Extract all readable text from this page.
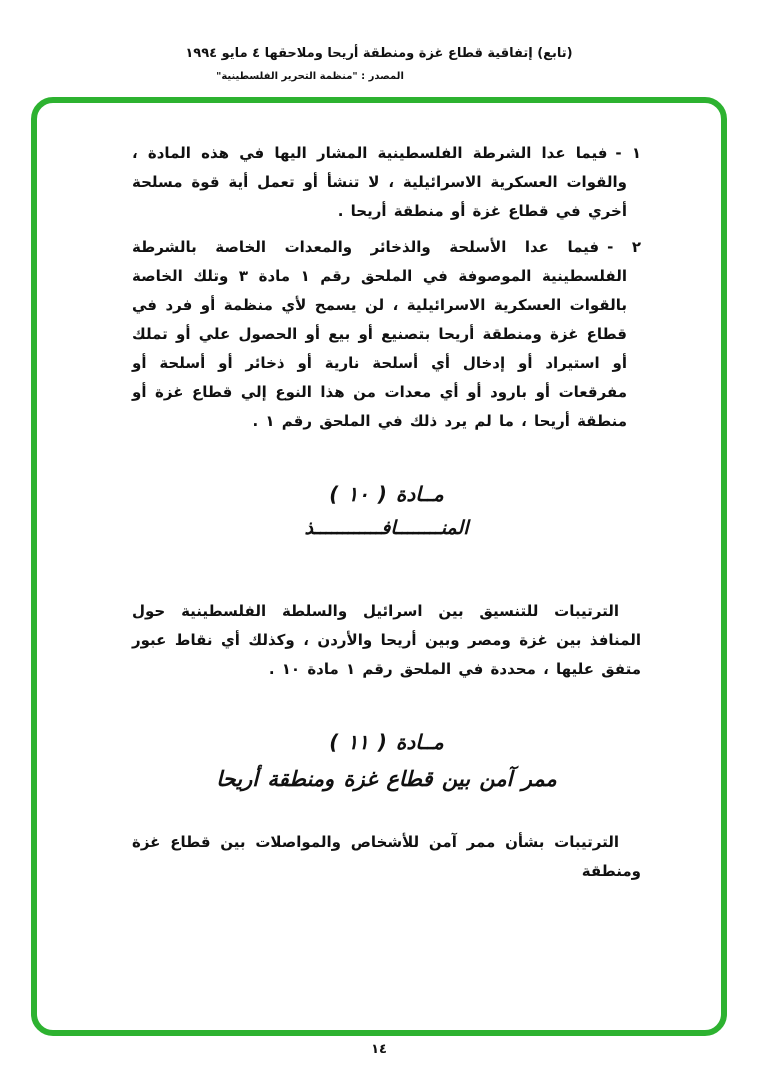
(تابع) إتفاقية قطاع غزة ومنطقة أريحا وملاحقها ٤ مايو ١٩٩٤
المصدر : "منظمة التحرير الفلسطينية"
١ -فيما عدا الشرطة الفلسطينية المشار اليها في هذه المادة ، والقوات العسكرية الاسرائيلية ، لا تنشأ أو تعمل أية قوة مسلحة أخري في قطاع غزة أو منطقة أريحا .
٢ -فيما عدا الأسلحة والذخائر والمعدات الخاصة بالشرطة الفلسطينية الموصوفة في الملحق رقم ١ مادة ٣ وتلك الخاصة بالقوات العسكرية الاسرائيلية ، لن يسمح لأي منظمة أو فرد في قطاع غزة ومنطقة أريحا بتصنيع أو بيع أو الحصول علي أو تملك أو استيراد أو إدخال أي أسلحة نارية أو ذخائر أو أسلحة أو مفرقعات أو بارود أو أي معدات من هذا النوع إلي قطاع غزة أو منطقة أريحا ، ما لم يرد ذلك في الملحق رقم ١ .
مــادة ( ١٠ )
المنــــــــافــــــــــــذ
الترتيبات للتنسيق بين اسرائيل والسلطة الفلسطينية حول المنافذ بين غزة ومصر وبين أريحا والأردن ، وكذلك أي نقاط عبور متفق عليها ، محددة في الملحق رقم ١ مادة ١٠ .
مــادة ( ١١ )
ممر آمن بين قطاع غزة ومنطقة أريحا
الترتيبات بشأن ممر آمن للأشخاص والمواصلات بين قطاع غزة ومنطقة
١٤
